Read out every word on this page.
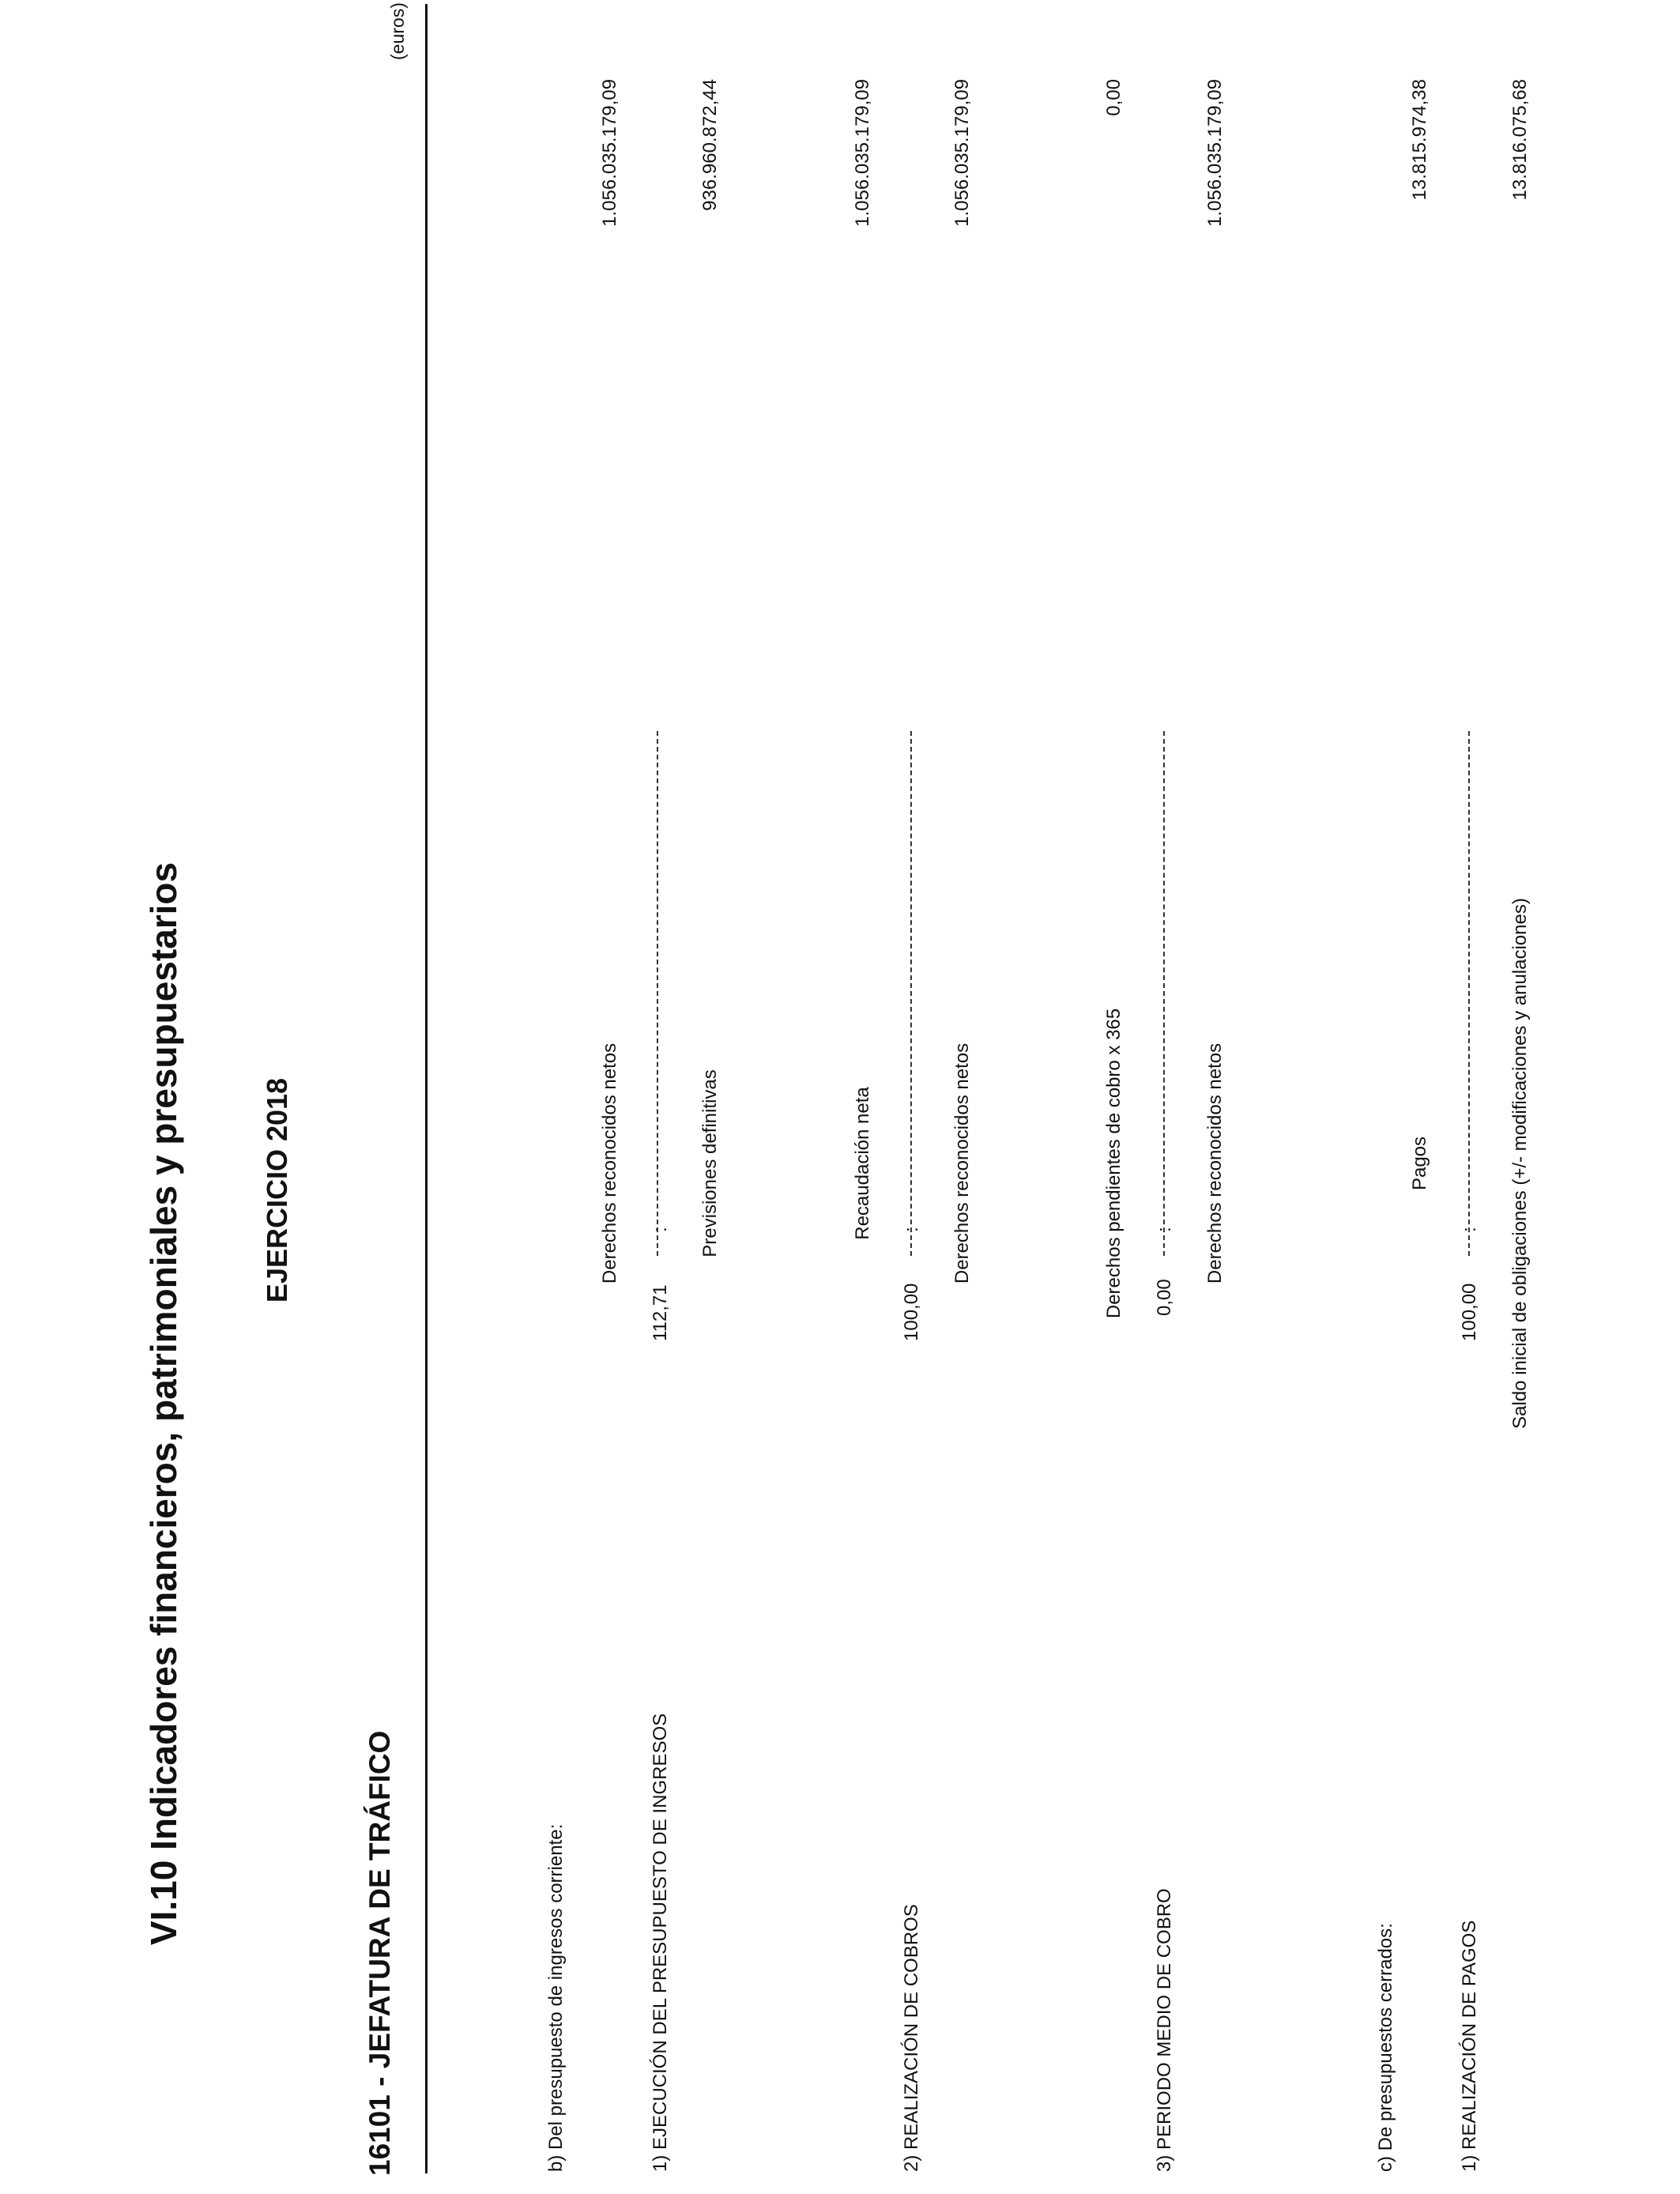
VI.10 Indicadores financieros, patrimoniales y presupuestarios	EJERCICIO 2018
16101 - JEFATURA DE TRÁFICO
(euros)
b) Del presupuesto de ingresos corriente:	1) EJECUCIÓN DEL PRESUPUESTO DE INGRESOS
112,71
:
Derechos reconocidos netos	Previsiones definitivas
1.056.035.179,09	936.960.872,44
2) REALIZACIÓN DE COBROS
100,00
:
Recaudación neta	Derechos reconocidos netos
1.056.035.179,09	1.056.035.179,09
3) PERIODO MEDIO DE COBRO
0,00
:
Derechos pendientes de cobro x 365	Derechos reconocidos netos
0,00	1.056.035.179,09
c) De presupuestos cerrados:	1) REALIZACIÓN DE PAGOS
100,00
:
Pagos	Saldo inicial de obligaciones (+/- modificaciones y anulaciones)
13.815.974,38	13.816.075,68
